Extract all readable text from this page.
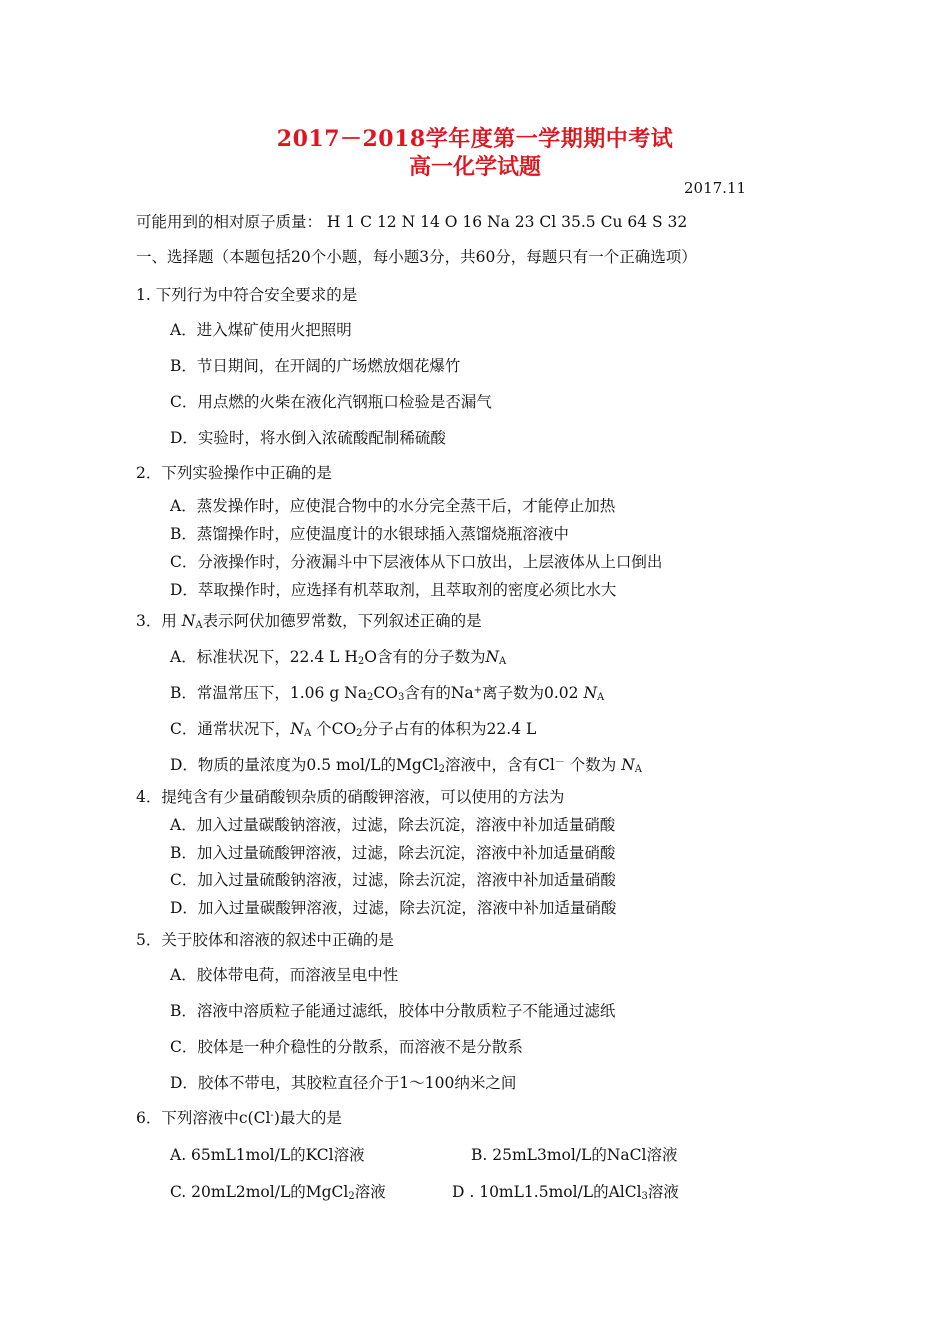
2017－2018学年度第一学期期中考试
高一化学试题
2017.11
可能用到的相对原子质量： H 1 C 12 N 14 O 16 Na 23 Cl 35.5 Cu 64 S 32
一、选择题（本题包括20个小题，每小题3分，共60分，每题只有一个正确选项）
1. 下列行为中符合安全要求的是
A．进入煤矿使用火把照明
B．节日期间，在开阔的广场燃放烟花爆竹
C．用点燃的火柴在液化汽钢瓶口检验是否漏气
D．实验时，将水倒入浓硫酸配制稀硫酸
2．下列实验操作中正确的是
A．蒸发操作时，应使混合物中的水分完全蒸干后，才能停止加热
B．蒸馏操作时，应使温度计的水银球插入蒸馏烧瓶溶液中
C．分液操作时，分液漏斗中下层液体从下口放出，上层液体从上口倒出
D．萃取操作时，应选择有机萃取剂，且萃取剂的密度必须比水大
3．用 $N_A$表示阿伏加德罗常数，下列叙述正确的是
A．标准状况下，22.4 L $H_2O$含有的分子数为$N_A$
B．常温常压下，1.06 g $Na_2CO_3$含有的Na+离子数为0.02 $N_A$
C．通常状况下，$N_A$ 个$CO_2$分子占有的体积为22.4 L
D．物质的量浓度为0.5 mol/L的MgCl$_2$溶液中，含有Cl－ 个数为 $N_A$
4．提纯含有少量硝酸钡杂质的硝酸钾溶液，可以使用的方法为
A．加入过量碳酸钠溶液，过滤，除去沉淀，溶液中补加适量硝酸
B．加入过量硫酸钾溶液，过滤，除去沉淀，溶液中补加适量硝酸
C．加入过量硫酸钠溶液，过滤，除去沉淀，溶液中补加适量硝酸
D．加入过量碳酸钾溶液，过滤，除去沉淀，溶液中补加适量硝酸
5．关于胶体和溶液的叙述中正确的是
A．胶体带电荷，而溶液呈电中性
B．溶液中溶质粒子能通过滤纸，胶体中分散质粒子不能通过滤纸
C．胶体是一种介稳性的分散系，而溶液不是分散系
D．胶体不带电，其胶粒直径介于1～100纳米之间
6．下列溶液中c(Cl-)最大的是
A. 65mL1mol/L的KCl溶液	B. 25mL3mol/L的NaCl溶液
C. 20mL2mol/L的MgCl$_2$溶液	D . 10mL1.5mol/L的AlCl$_3$溶液
